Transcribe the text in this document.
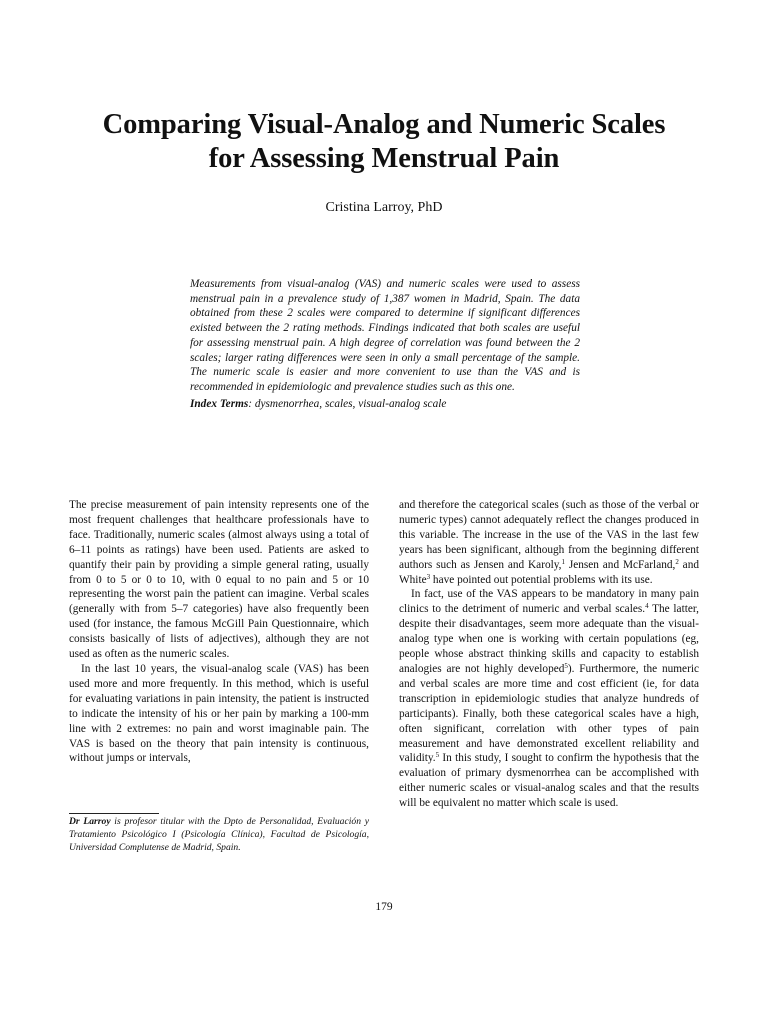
Comparing Visual-Analog and Numeric Scales
for Assessing Menstrual Pain
Cristina Larroy, PhD

Measurements from visual-analog (VAS) and numeric scales were used to assess menstrual pain in a prevalence study of 1,387 women in Madrid, Spain. The data obtained from these 2 scales were compared to determine if significant differences existed between the 2 rating methods. Findings indicated that both scales are useful for assessing menstrual pain. A high degree of correlation was found between the 2 scales; larger rating differences were seen in only a small percentage of the sample. The numeric scale is easier and more convenient to use than the VAS and is recommended in epidemiologic and prevalence studies such as this one.

Index Terms: dysmenorrhea, scales, visual-analog scale

The precise measurement of pain intensity represents one of the most frequent challenges that healthcare professionals have to face. Traditionally, numeric scales (almost always using a total of 6–11 points as ratings) have been used. Patients are asked to quantify their pain by providing a simple general rating, usually from 0 to 5 or 0 to 10, with 0 equal to no pain and 5 or 10 representing the worst pain the patient can imagine. Verbal scales (generally with from 5–7 categories) have also frequently been used (for instance, the famous McGill Pain Questionnaire, which consists basically of lists of adjectives), although they are not used as often as the numeric scales.

In the last 10 years, the visual-analog scale (VAS) has been used more and more frequently. In this method, which is useful for evaluating variations in pain intensity, the patient is instructed to indicate the intensity of his or her pain by marking a 100-mm line with 2 extremes: no pain and worst imaginable pain. The VAS is based on the theory that pain intensity is continuous, without jumps or intervals,

and therefore the categorical scales (such as those of the verbal or numeric types) cannot adequately reflect the changes produced in this variable. The increase in the use of the VAS in the last few years has been significant, although from the beginning different authors such as Jensen and Karoly,$^1$ Jensen and McFarland,$^2$ and White$^3$ have pointed out potential problems with its use.

In fact, use of the VAS appears to be mandatory in many pain clinics to the detriment of numeric and verbal scales.$^4$ The latter, despite their disadvantages, seem more adequate than the visual-analog type when one is working with certain populations (eg, people whose abstract thinking skills and capacity to establish analogies are not highly developed$^5$). Furthermore, the numeric and verbal scales are more time and cost efficient (ie, for data transcription in epidemiologic studies that analyze hundreds of participants). Finally, both these categorical scales have a high, often significant, correlation with other types of pain measurement and have demonstrated excellent reliability and validity.$^5$ In this study, I sought to confirm the hypothesis that the evaluation of primary dysmenorrhea can be accomplished with either numeric scales or visual-analog scales and that the results will be equivalent no matter which scale is used.

Dr Larroy is profesor titular with the Dpto de Personalidad, Evaluación y Tratamiento Psicológico I (Psicología Clínica), Facultad de Psicología, Universidad Complutense de Madrid, Spain.

179
